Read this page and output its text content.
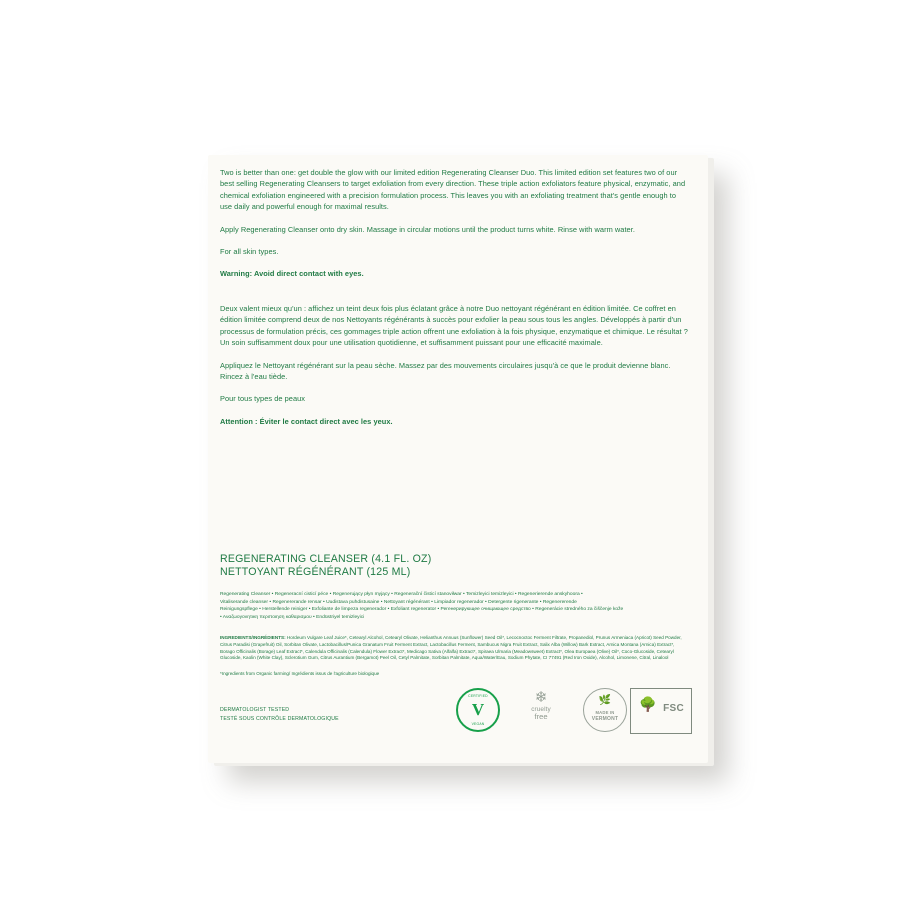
Two is better than one: get double the glow with our limited edition Regenerating Cleanser Duo. This limited edition set features two of our best selling Regenerating Cleansers to target exfoliation from every direction. These triple action exfoliators feature physical, enzymatic, and chemical exfoliation engineered with a precision formulation process. This leaves you with an exfoliating treatment that's gentle enough to use daily and powerful enough for maximal results.

Apply Regenerating Cleanser onto dry skin. Massage in circular motions until the product turns white. Rinse with warm water.

For all skin types.

Warning: Avoid direct contact with eyes.

Deux valent mieux qu'un : affichez un teint deux fois plus éclatant grâce à notre Duo nettoyant régénérant en édition limitée. Ce coffret en édition limitée comprend deux de nos Nettoyants régénérants à succès pour exfolier la peau sous tous les angles. Développés à partir d'un processus de formulation précis, ces gommages triple action offrent une exfoliation à la fois physique, enzymatique et chimique. Le résultat ? Un soin suffisamment doux pour une utilisation quotidienne, et suffisamment puissant pour une efficacité maximale.

Appliquez le Nettoyant régénérant sur la peau sèche. Massez par des mouvements circulaires jusqu'à ce que le produit devienne blanc. Rincez à l'eau tiède.

Pour tous types de peaux

Attention : Éviter le contact direct avec les yeux.

REGENERATING CLEANSER (4.1 FL. OZ)
NETTOYANT RÉGÉNÉRANT (125 ML)
Regenerating Cleanser • Regeneracní cisticí péce • Regenerujący płyn myjący • Regenerační čisticí stanoviłwar • Temizleyici temizleyici • Regenerierende anskyhoora •
Vitaliserande cleanser • Regenererande rensar • Uudistava puhdistusaine • Nettoyant régénérant • Limpiador regenerador • Detergente rigenerante • Regenererende
Reinigungspflege • Herstellende reiniger • Exfoliante de limpeza regenerador • Exfoliant regenerator • Регенерирующее очищающее средство • Regenerácie stredného za čiščenje kože
• Αναζωογονητικη περιποιηση καθαρισμου • Endüstriyel temizleyici
INGREDIENTS/INGRÉDIENTS: Hordeum Vulgare Leaf Juice*, Cetearyl Alcohol, Cetearyl Olivate, Helianthus Annuus (Sunflower) Seed Oil*, Lecocnoctoc Ferment Filtrate, Propanediol, Prunus Armeniaca (Apricot) Seed Powder, Citrus Paradisi (Grapefruit) Oil, Sorbitan Olivate, Lactobacillus/Punica Granatum Fruit Ferment Extract, Lactobacillus Ferment, Sambucus Nigra Fruit Extract, Salix Alba (Willow) Bark Extract, Arnica Montana (Arnica) Extract*, Borago Officinalis (Borage) Leaf Extract*, Calendula Officinalis (Calendula) Flower Extract*, Medicago Sativa (Alfalfa) Extract*, Spiraea Ulmaria (Meadowsweet) Extract*, Olea Europaea (Olive) Oil*, Coco-Glucoside, Cetearyl Glucoside, Kaolin (White Clay), Sclerotium Gum, Citrus Aurantium (Bergamot) Peel Oil, Cetyl Palmitate, Sorbitan Palmitate, Aqua/Water/Eau, Sodium Phytate, CI 77491 (Red Iron Oxide), Alcohol, Limonene, Citral, Linalool
*Ingredients from Organic farming/ Ingrédients issus de l'agriculture biologique
DERMATOLOGIST TESTED
TESTÉ SOUS CONTRÔLE DERMATOLOGIQUE
CERTIFIED
V
VEGAN
❄
cruelty
free
🌿
MADE IN
VERMONT
🌳 FSC
